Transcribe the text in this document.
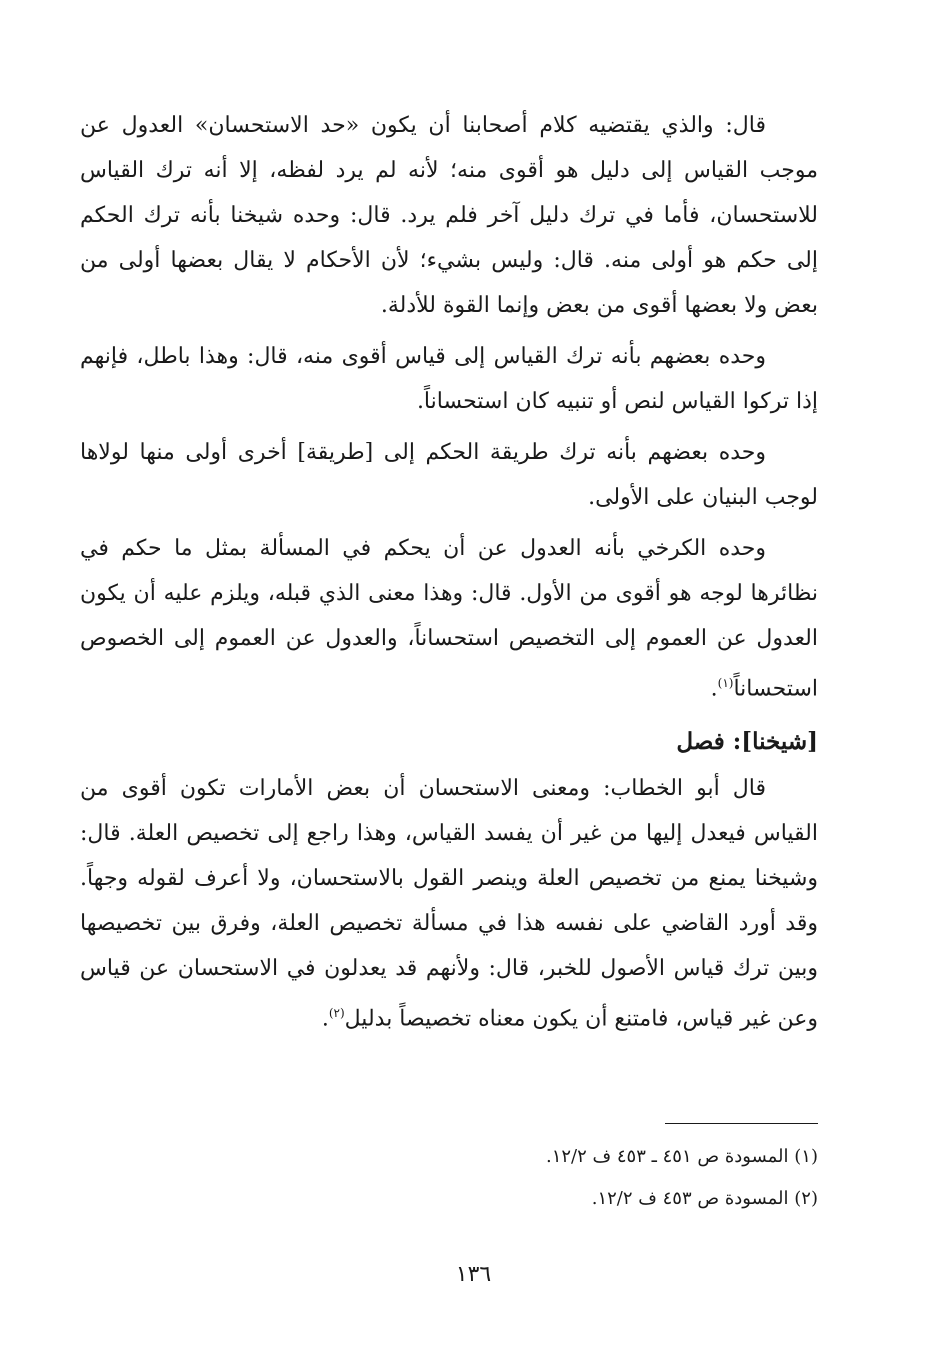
قال: والذي يقتضيه كلام أصحابنا أن يكون «حد الاستحسان» العدول عن موجب القياس إلى دليل هو أقوى منه؛ لأنه لم يرد لفظه، إلا أنه ترك القياس للاستحسان، فأما في ترك دليل آخر فلم يرد. قال: وحده شيخنا بأنه ترك الحكم إلى حكم هو أولى منه. قال: وليس بشيء؛ لأن الأحكام لا يقال بعضها أولى من بعض ولا بعضها أقوى من بعض وإنما القوة للأدلة.

وحده بعضهم بأنه ترك القياس إلى قياس أقوى منه، قال: وهذا باطل، فإنهم إذا تركوا القياس لنص أو تنبيه كان استحساناً.

وحده بعضهم بأنه ترك طريقة الحكم إلى [طريقة] أخرى أولى منها لولاها لوجب البنيان على الأولى.

وحده الكرخي بأنه العدول عن أن يحكم في المسألة بمثل ما حكم في نظائرها لوجه هو أقوى من الأول. قال: وهذا معنى الذي قبله، ويلزم عليه أن يكون العدول عن العموم إلى التخصيص استحساناً، والعدول عن العموم إلى الخصوص استحساناً$^{(١)}$.

[شيخنا]: فصل

قال أبو الخطاب: ومعنى الاستحسان أن بعض الأمارات تكون أقوى من القياس فيعدل إليها من غير أن يفسد القياس، وهذا راجع إلى تخصيص العلة. قال: وشيخنا يمنع من تخصيص العلة وينصر القول بالاستحسان، ولا أعرف لقوله وجهاً. وقد أورد القاضي على نفسه هذا في مسألة تخصيص العلة، وفرق بين تخصيصها وبين ترك قياس الأصول للخبر، قال: ولأنهم قد يعدلون في الاستحسان عن قياس وعن غير قياس، فامتنع أن يكون معناه تخصيصاً بدليل$^{(٢)}$.

(١) المسودة ص ٤٥١ ـ ٤٥٣ ف ١٢/٢.
(٢) المسودة ص ٤٥٣ ف ١٢/٢.
١٣٦
